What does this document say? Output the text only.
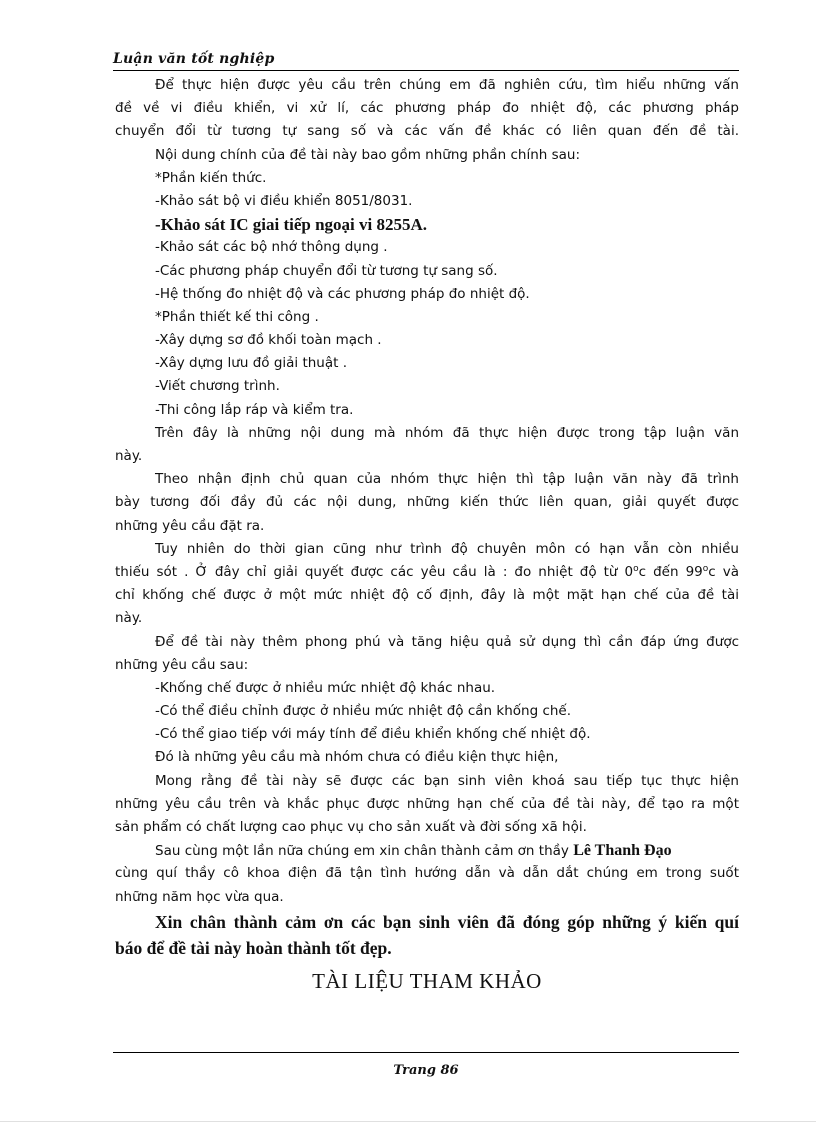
Luận văn tốt nghiệp
Để thực hiện được yêu cầu trên chúng em đã nghiên cứu, tìm hiểu những vấn
đề về vi điều khiển, vi xử lí, các phương pháp đo nhiệt độ, các phương pháp
chuyển đổi từ tương tự sang số và các vấn đề khác có liên quan đến đề tài.
Nội dung chính của đề tài này bao gồm những phần chính sau:
*Phần kiến thức.
-Khảo sát bộ vi điều khiển 8051/8031.
-Khảo sát IC giai tiếp ngoại vi 8255A.
-Khảo sát các bộ nhớ thông dụng .
-Các phương pháp chuyển đổi từ tương tự sang số.
-Hệ thống đo nhiệt độ và các phương pháp đo nhiệt độ.
*Phần thiết kế thi công .
-Xây dựng sơ đồ khối toàn mạch .
-Xây dựng lưu đồ giải thuật .
-Viết chương trình.
-Thi công lắp ráp và kiểm tra.
Trên đây là những nội dung mà nhóm đã thực hiện được trong tập luận văn
này.
Theo nhận định chủ quan của nhóm thực hiện thì tập luận văn này đã trình
bày tương đối đầy đủ các nội dung, những kiến thức liên quan, giải quyết được
những yêu cầu đặt ra.
Tuy nhiên do thời gian cũng như trình độ chuyên môn có hạn vẫn còn nhiều
thiếu sót . Ở đây chỉ giải quyết được các yêu cầu là : đo nhiệt độ từ 0$^o$c đến 99$^o$c và
chỉ khống chế được ở một mức nhiệt độ cố định, đây là một mặt hạn chế của đề tài
này.
Để đề tài này thêm phong phú và tăng hiệu quả sử dụng thì cần đáp ứng được
những yêu cầu sau:
-Khống chế được ở nhiều mức nhiệt độ khác nhau.
-Có thể điều chỉnh được ở nhiều mức nhiệt độ cần khống chế.
-Có thể giao tiếp với máy tính để điều khiển khống chế nhiệt độ.
Đó là những yêu cầu mà nhóm chưa có điều kiện thực hiện,
Mong rằng đề tài này sẽ được các bạn sinh viên khoá sau tiếp tục thực hiện
những yêu cầu trên và khắc phục được những hạn chế của đề tài này, để tạo ra một
sản phẩm có chất lượng cao phục vụ cho sản xuất và đời sống xã hội.
Sau cùng một lần nữa chúng em xin chân thành cảm ơn thầy Lê Thanh Đạo
cùng quí thầy cô khoa điện đã tận tình hướng dẫn và dẫn dắt chúng em trong suốt
những năm học vừa qua.
Xin chân thành cảm ơn các bạn sinh viên đã đóng góp những ý kiến quí
báo để đề tài này hoàn thành tốt đẹp.
TÀI LIỆU THAM KHẢO
Trang 86
